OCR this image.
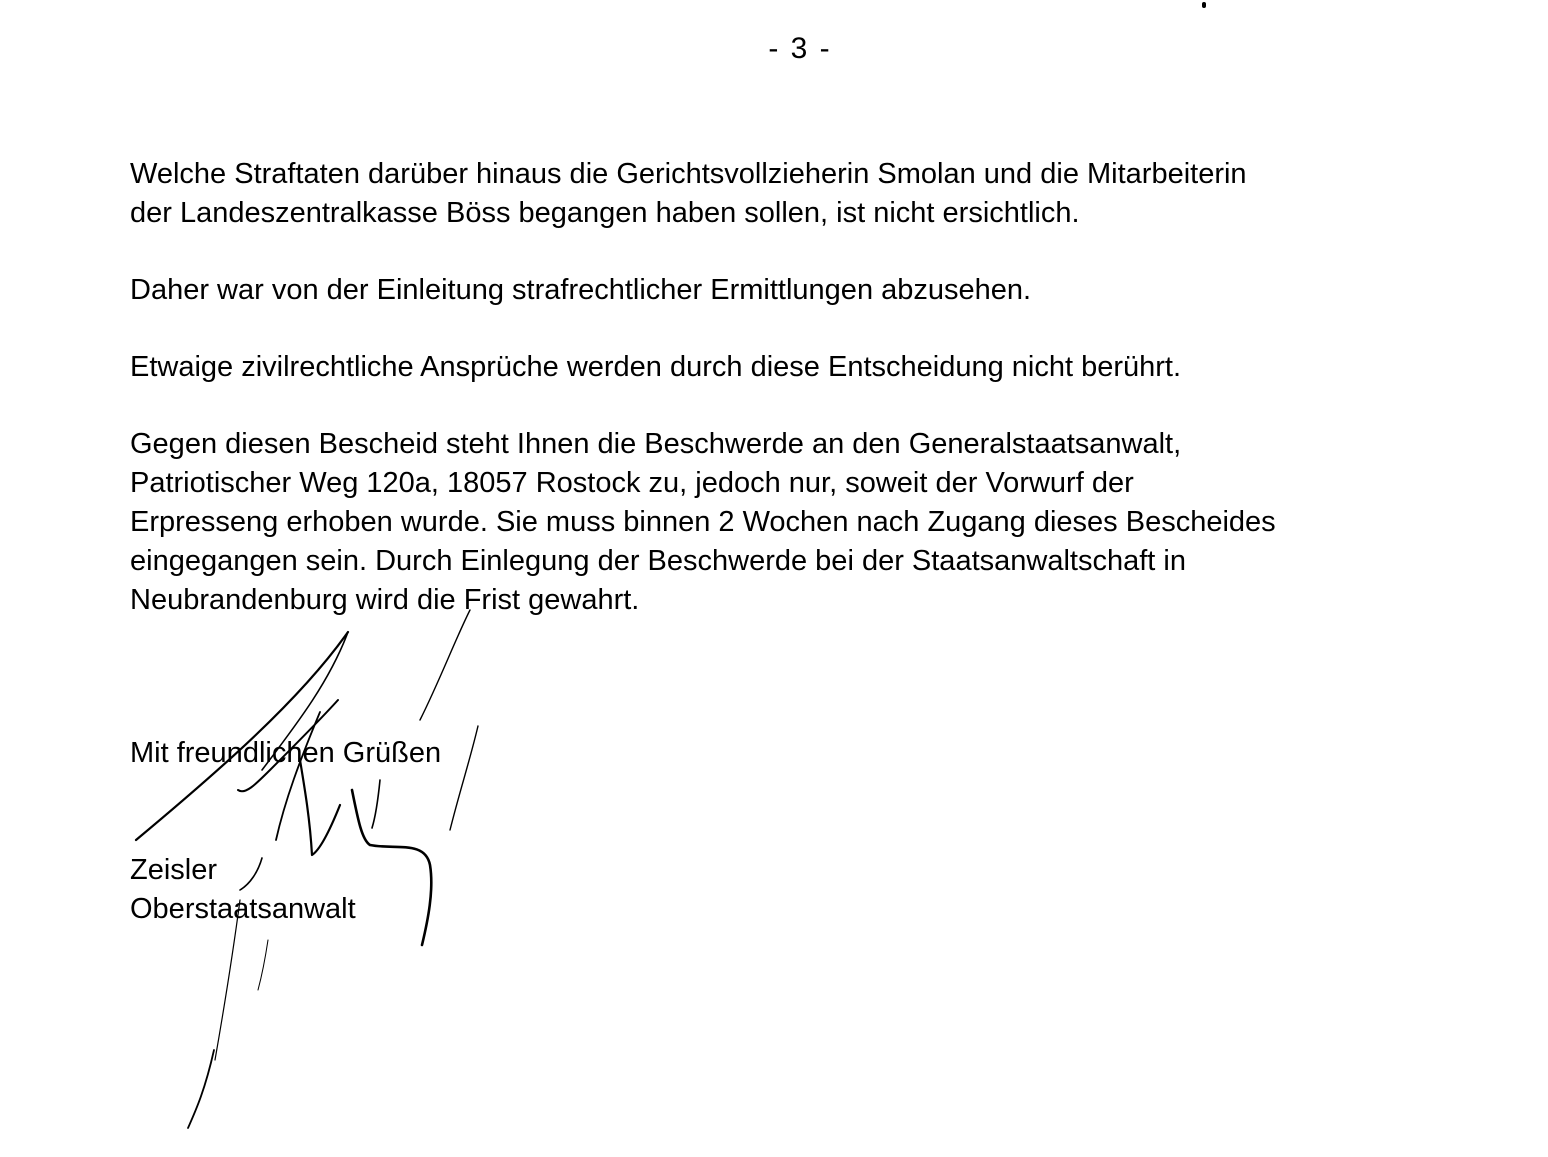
- 3 -

Welche Straftaten darüber hinaus die Gerichtsvollzieherin Smolan und die Mitarbeiterin
der Landeszentralkasse Böss begangen haben sollen, ist nicht ersichtlich.

Daher war von der Einleitung strafrechtlicher Ermittlungen abzusehen.

Etwaige zivilrechtliche Ansprüche werden durch diese Entscheidung nicht berührt.

Gegen diesen Bescheid steht Ihnen die Beschwerde an den Generalstaatsanwalt,
Patriotischer Weg 120a, 18057 Rostock zu, jedoch nur, soweit der Vorwurf der
Erpresseng erhoben wurde. Sie muss binnen 2 Wochen nach Zugang dieses Bescheides
eingegangen sein. Durch Einlegung der Beschwerde bei der Staatsanwaltschaft in
Neubrandenburg wird die Frist gewahrt.

Mit freundlichen Grüßen
Zeisler
Oberstaatsanwalt
